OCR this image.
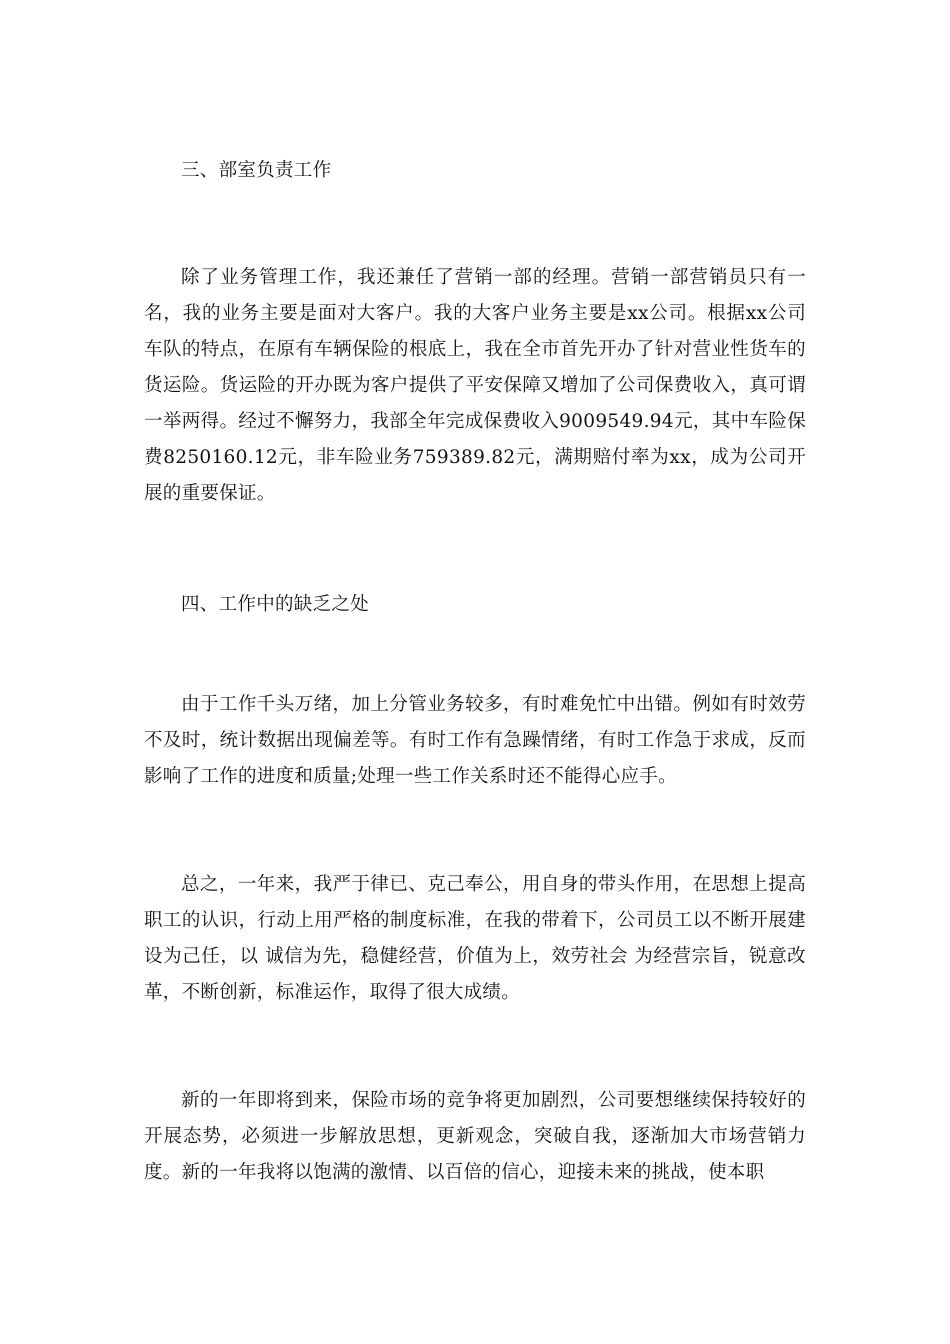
三、部室负责工作

除了业务管理工作，我还兼任了营销一部的经理。营销一部营销员只有一名，我的业务主要是面对大客户。我的大客户业务主要是xx公司。根据xx公司车队的特点，在原有车辆保险的根底上，我在全市首先开办了针对营业性货车的货运险。货运险的开办既为客户提供了平安保障又增加了公司保费收入，真可谓一举两得。经过不懈努力，我部全年完成保费收入9009549.94元，其中车险保费8250160.12元，非车险业务759389.82元，满期赔付率为xx，成为公司开展的重要保证。

四、工作中的缺乏之处

由于工作千头万绪，加上分管业务较多，有时难免忙中出错。例如有时效劳不及时，统计数据出现偏差等。有时工作有急躁情绪，有时工作急于求成，反而影响了工作的进度和质量;处理一些工作关系时还不能得心应手。

总之，一年来，我严于律已、克己奉公，用自身的带头作用，在思想上提高职工的认识，行动上用严格的制度标准，在我的带着下，公司员工以不断开展建设为己任，以 诚信为先，稳健经营，价值为上，效劳社会 为经营宗旨，锐意改革，不断创新，标准运作，取得了很大成绩。

新的一年即将到来，保险市场的竞争将更加剧烈，公司要想继续保持较好的开展态势，必须进一步解放思想，更新观念，突破自我，逐渐加大市场营销力度。新的一年我将以饱满的激情、以百倍的信心，迎接未来的挑战，使本职
